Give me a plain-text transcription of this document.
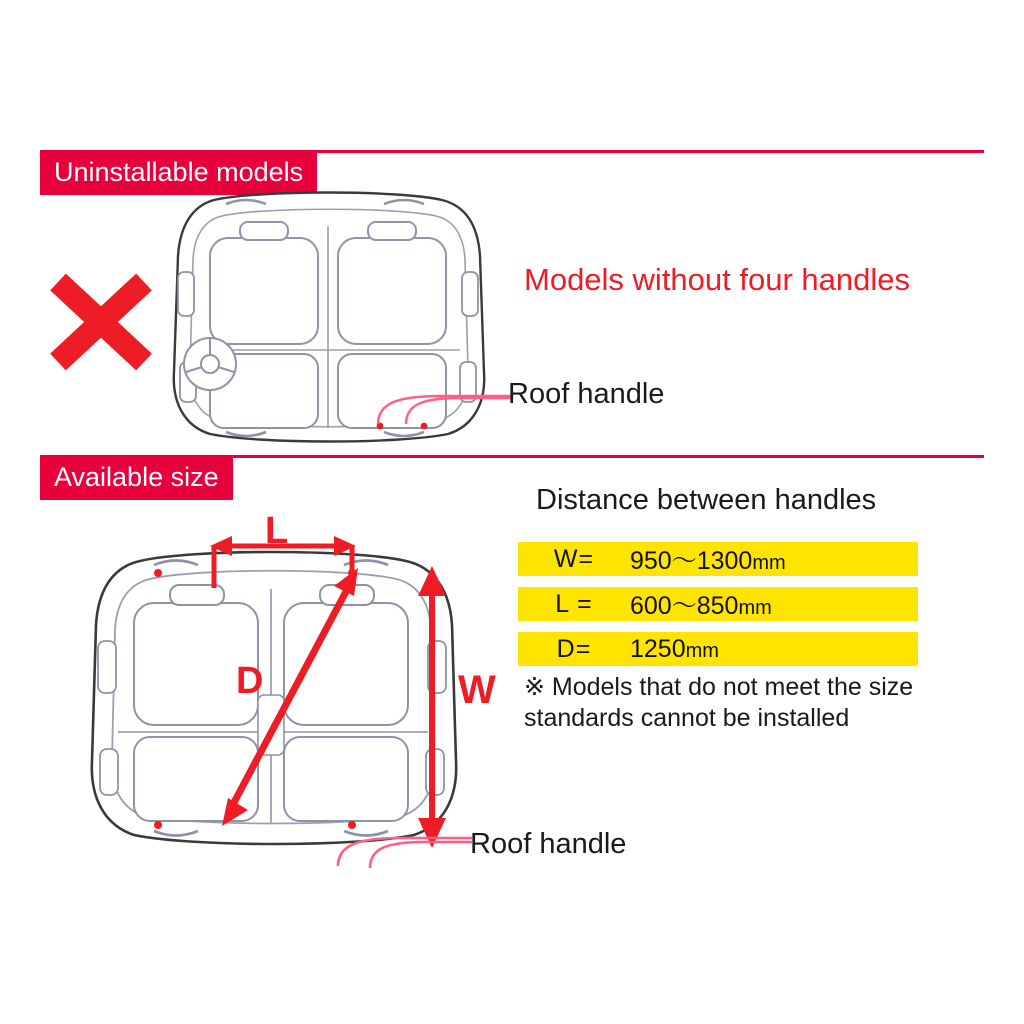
Uninstallable models
Models without four handles
Roof handle
Available size
L
W
D
Distance between handles
W=	950～1300mm
L =	600～850mm
D=	1250mm
※ Models that do not meet the size standards cannot be installed
Roof handle
